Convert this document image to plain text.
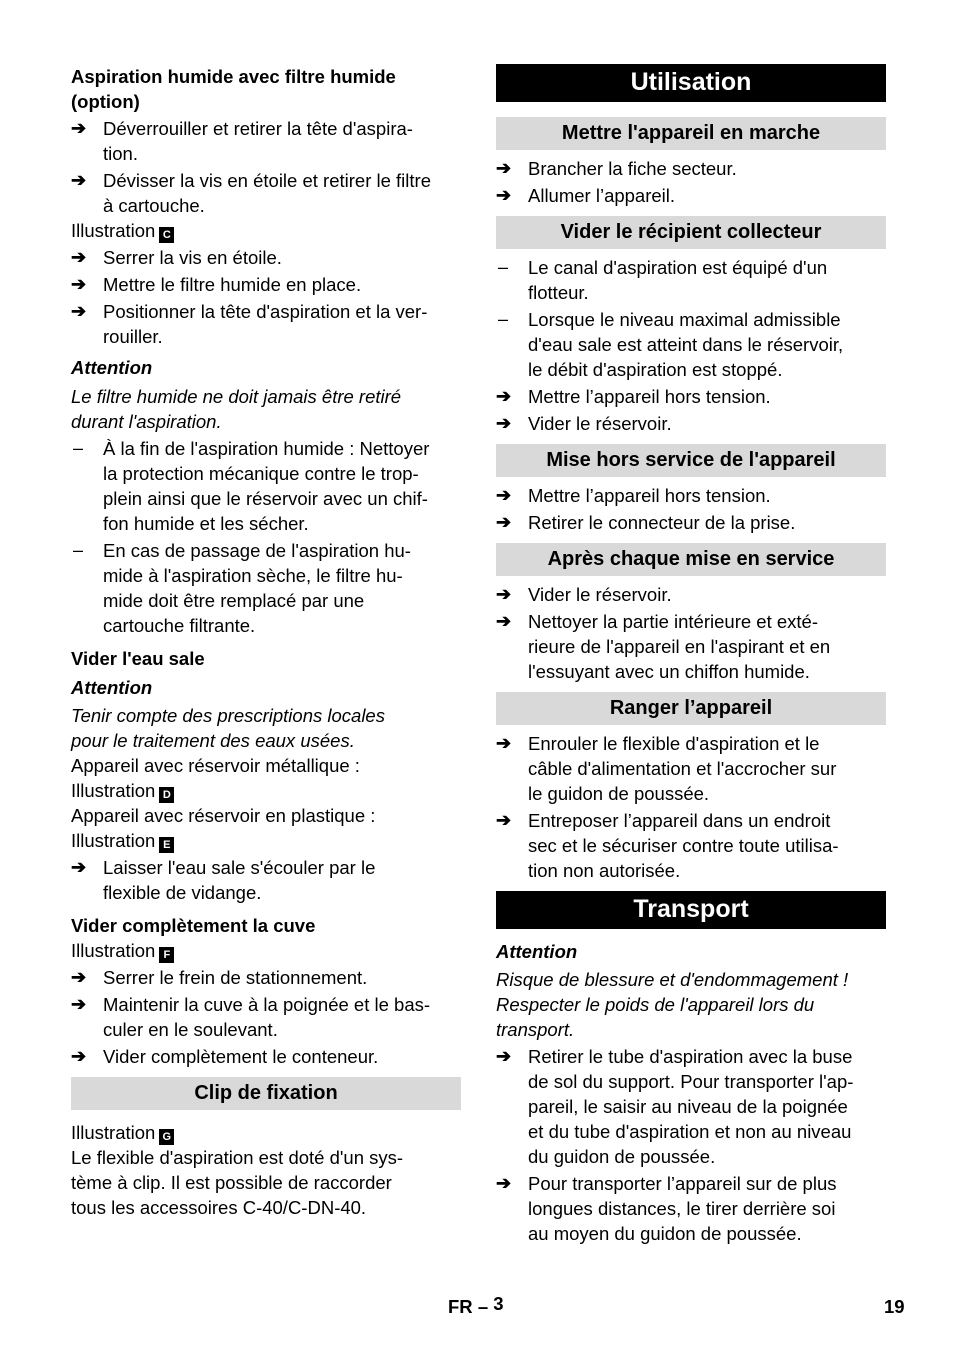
Aspiration humide avec filtre humide
(option)
➔ Déverrouiller et retirer la tête d'aspira-
tion.
➔ Dévisser la vis en étoile et retirer le filtre
à cartouche.
Illustration C
➔ Serrer la vis en étoile.
➔ Mettre le filtre humide en place.
➔ Positionner la tête d'aspiration et la ver-
rouiller.
Attention
Le filtre humide ne doit jamais être retiré
durant l'aspiration.
–	À la fin de l'aspiration humide : Nettoyer
la protection mécanique contre le trop-
plein ainsi que le réservoir avec un chif-
fon humide et les sécher.
–	En cas de passage de l'aspiration hu-
mide à l'aspiration sèche, le filtre hu-
mide doit être remplacé par une
cartouche filtrante.
Vider l'eau sale
Attention
Tenir compte des prescriptions locales
pour le traitement des eaux usées.
Appareil avec réservoir métallique :
Illustration D
Appareil avec réservoir en plastique :
Illustration E
➔ Laisser l'eau sale s'écouler par le
flexible de vidange.
Vider complètement la cuve
Illustration F
➔ Serrer le frein de stationnement.
➔ Maintenir la cuve à la poignée et le bas-
culer en le soulevant.
➔ Vider complètement le conteneur.
Clip de fixation
Illustration G
Le flexible d'aspiration est doté d'un sys-
tème à clip. Il est possible de raccorder
tous les accessoires C-40/C-DN-40.
Utilisation
Mettre l'appareil en marche
➔ Brancher la fiche secteur.
➔ Allumer l’appareil.
Vider le récipient collecteur
–	Le canal d'aspiration est équipé d'un
flotteur.
–	Lorsque le niveau maximal admissible
d'eau sale est atteint dans le réservoir,
le débit d'aspiration est stoppé.
➔ Mettre l’appareil hors tension.
➔ Vider le réservoir.
Mise hors service de l'appareil
➔ Mettre l’appareil hors tension.
➔ Retirer le connecteur de la prise.
Après chaque mise en service
➔ Vider le réservoir.
➔ Nettoyer la partie intérieure et exté-
rieure de l'appareil en l'aspirant et en
l'essuyant avec un chiffon humide.
Ranger l’appareil
➔ Enrouler le flexible d'aspiration et le
câble d'alimentation et l'accrocher sur
le guidon de poussée.
➔ Entreposer l’appareil dans un endroit
sec et le sécuriser contre toute utilisa-
tion non autorisée.
Transport
Attention
Risque de blessure et d'endommagement !
Respecter le poids de l'appareil lors du
transport.
➔ Retirer le tube d'aspiration avec la buse
de sol du support. Pour transporter l'ap-
pareil, le saisir au niveau de la poignée
et du tube d'aspiration et non au niveau
du guidon de poussée.
➔ Pour transporter l’appareil sur de plus
longues distances, le tirer derrière soi
au moyen du guidon de poussée.
FR – 3	19
